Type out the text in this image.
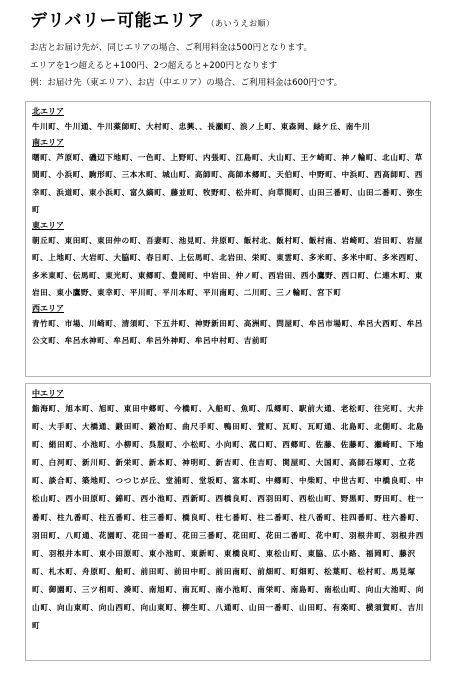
デリバリー可能エリア （あいうえお順）
お店とお届け先が、同じエリアの場合、ご利用料金は500円となります。
エリアを1つ超えると+100円、2つ超えると+200円となります
例：お届け先（東エリア）、お店（中エリア）の場合、ご利用料金は600円です。
北エリア
牛川町、牛川通、牛川薬師町、大村町、忠興、、長瀬町、浪ノ上町、東森岡、緑ケ丘、南牛川
南エリア
曙町、芦原町、磯辺下地町、一色町、上野町、内張町、江島町、大山町、王ケ崎町、神ノ輪町、北山町、草間町、小浜町、駒形町、三本木町、城山町、高師町、高師本郷町、天伯町、中野町、中浜町、西高師町、西幸町、浜道町、東小浜町、富久縞町、藤並町、牧野町、松井町、向草間町、山田三番町、山田二番町、弥生町
東エリア
朝丘町、東田町、東田仲の町、吾妻町、池見町、井原町、飯村北、飯村町、飯村南、岩崎町、岩田町、岩屋町、上地町、大岩町、大脇町、春日町、上伝馬町、北岩田、栄町、東雲町、多米町、多米中町、多米西町、多米東町、伝馬町、東光町、東郷町、豊岡町、中岩田、仲ノ町、西岩田、西小鷹野、西口町、仁連木町、東岩田、東小鷹野、東幸町、平川町、平川本町、平川南町、二川町、三ノ輪町、宮下町
西エリア
青竹町、市場、川崎町、清須町、下五井町、神野新田町、高洲町、問屋町、牟呂市場町、牟呂大西町、牟呂公文町、牟呂水神町、牟呂町、牟呂外神町、牟呂中村町、吉前町
中エリア
鮨海町、旭本町、旭町、東田中郷町、今橋町、入船町、魚町、瓜郷町、駅前大通、老松町、往完町、大井町、大手町、大橋通、鍛田町、鍛冶町、曲尺手町、鴨田町、萱町、瓦町、瓦町通、北島町、北側町、北島町、絹田町、小池町、小柳町、呉服町、小松町、小向町、菰口町、西郷町、佐藤、佐藤町、瀬崎町、下地町、白河町、新川町、新栄町、新本町、神明町、新吉町、住吉町、関屋町、大国町、高師石塚町、立花町、談合町、築地町、つつじが丘、堂浦町、堂坂町、富本町、中郷町、中柴町、中世古町、中橋良町、中松山町、西小田原町、錦町、西小池町、西新町、西橋良町、西羽田町、西松山町、野黒町、野田町、柱一番町、柱九番町、柱五番町、柱三番町、橋良町、柱七番町、柱二番町、柱八番町、柱四番町、柱六番町、羽田町、八町通、花園町、花田一番町、花田三番町、花田町、花田二番町、花中町、羽根井町、羽根井西町、羽根井本町、東小田原町、東小池町、東新町、東橋良町、東松山町、東脇、広小路、福岡町、藤沢町、札木町、舟原町、船町、前田町、前田中町、前田南町、前畑町、町畑町、松葉町、松村町、馬見塚町、御園町、三ツ相町、湊町、南旭町、南瓦町、南小池町、南栄町、南島町、南松山町、向山大池町、向山町、向山東町、向山西町、向山東町、柳生町、八通町、山田一番町、山田町、有楽町、横須賀町、吉川町
